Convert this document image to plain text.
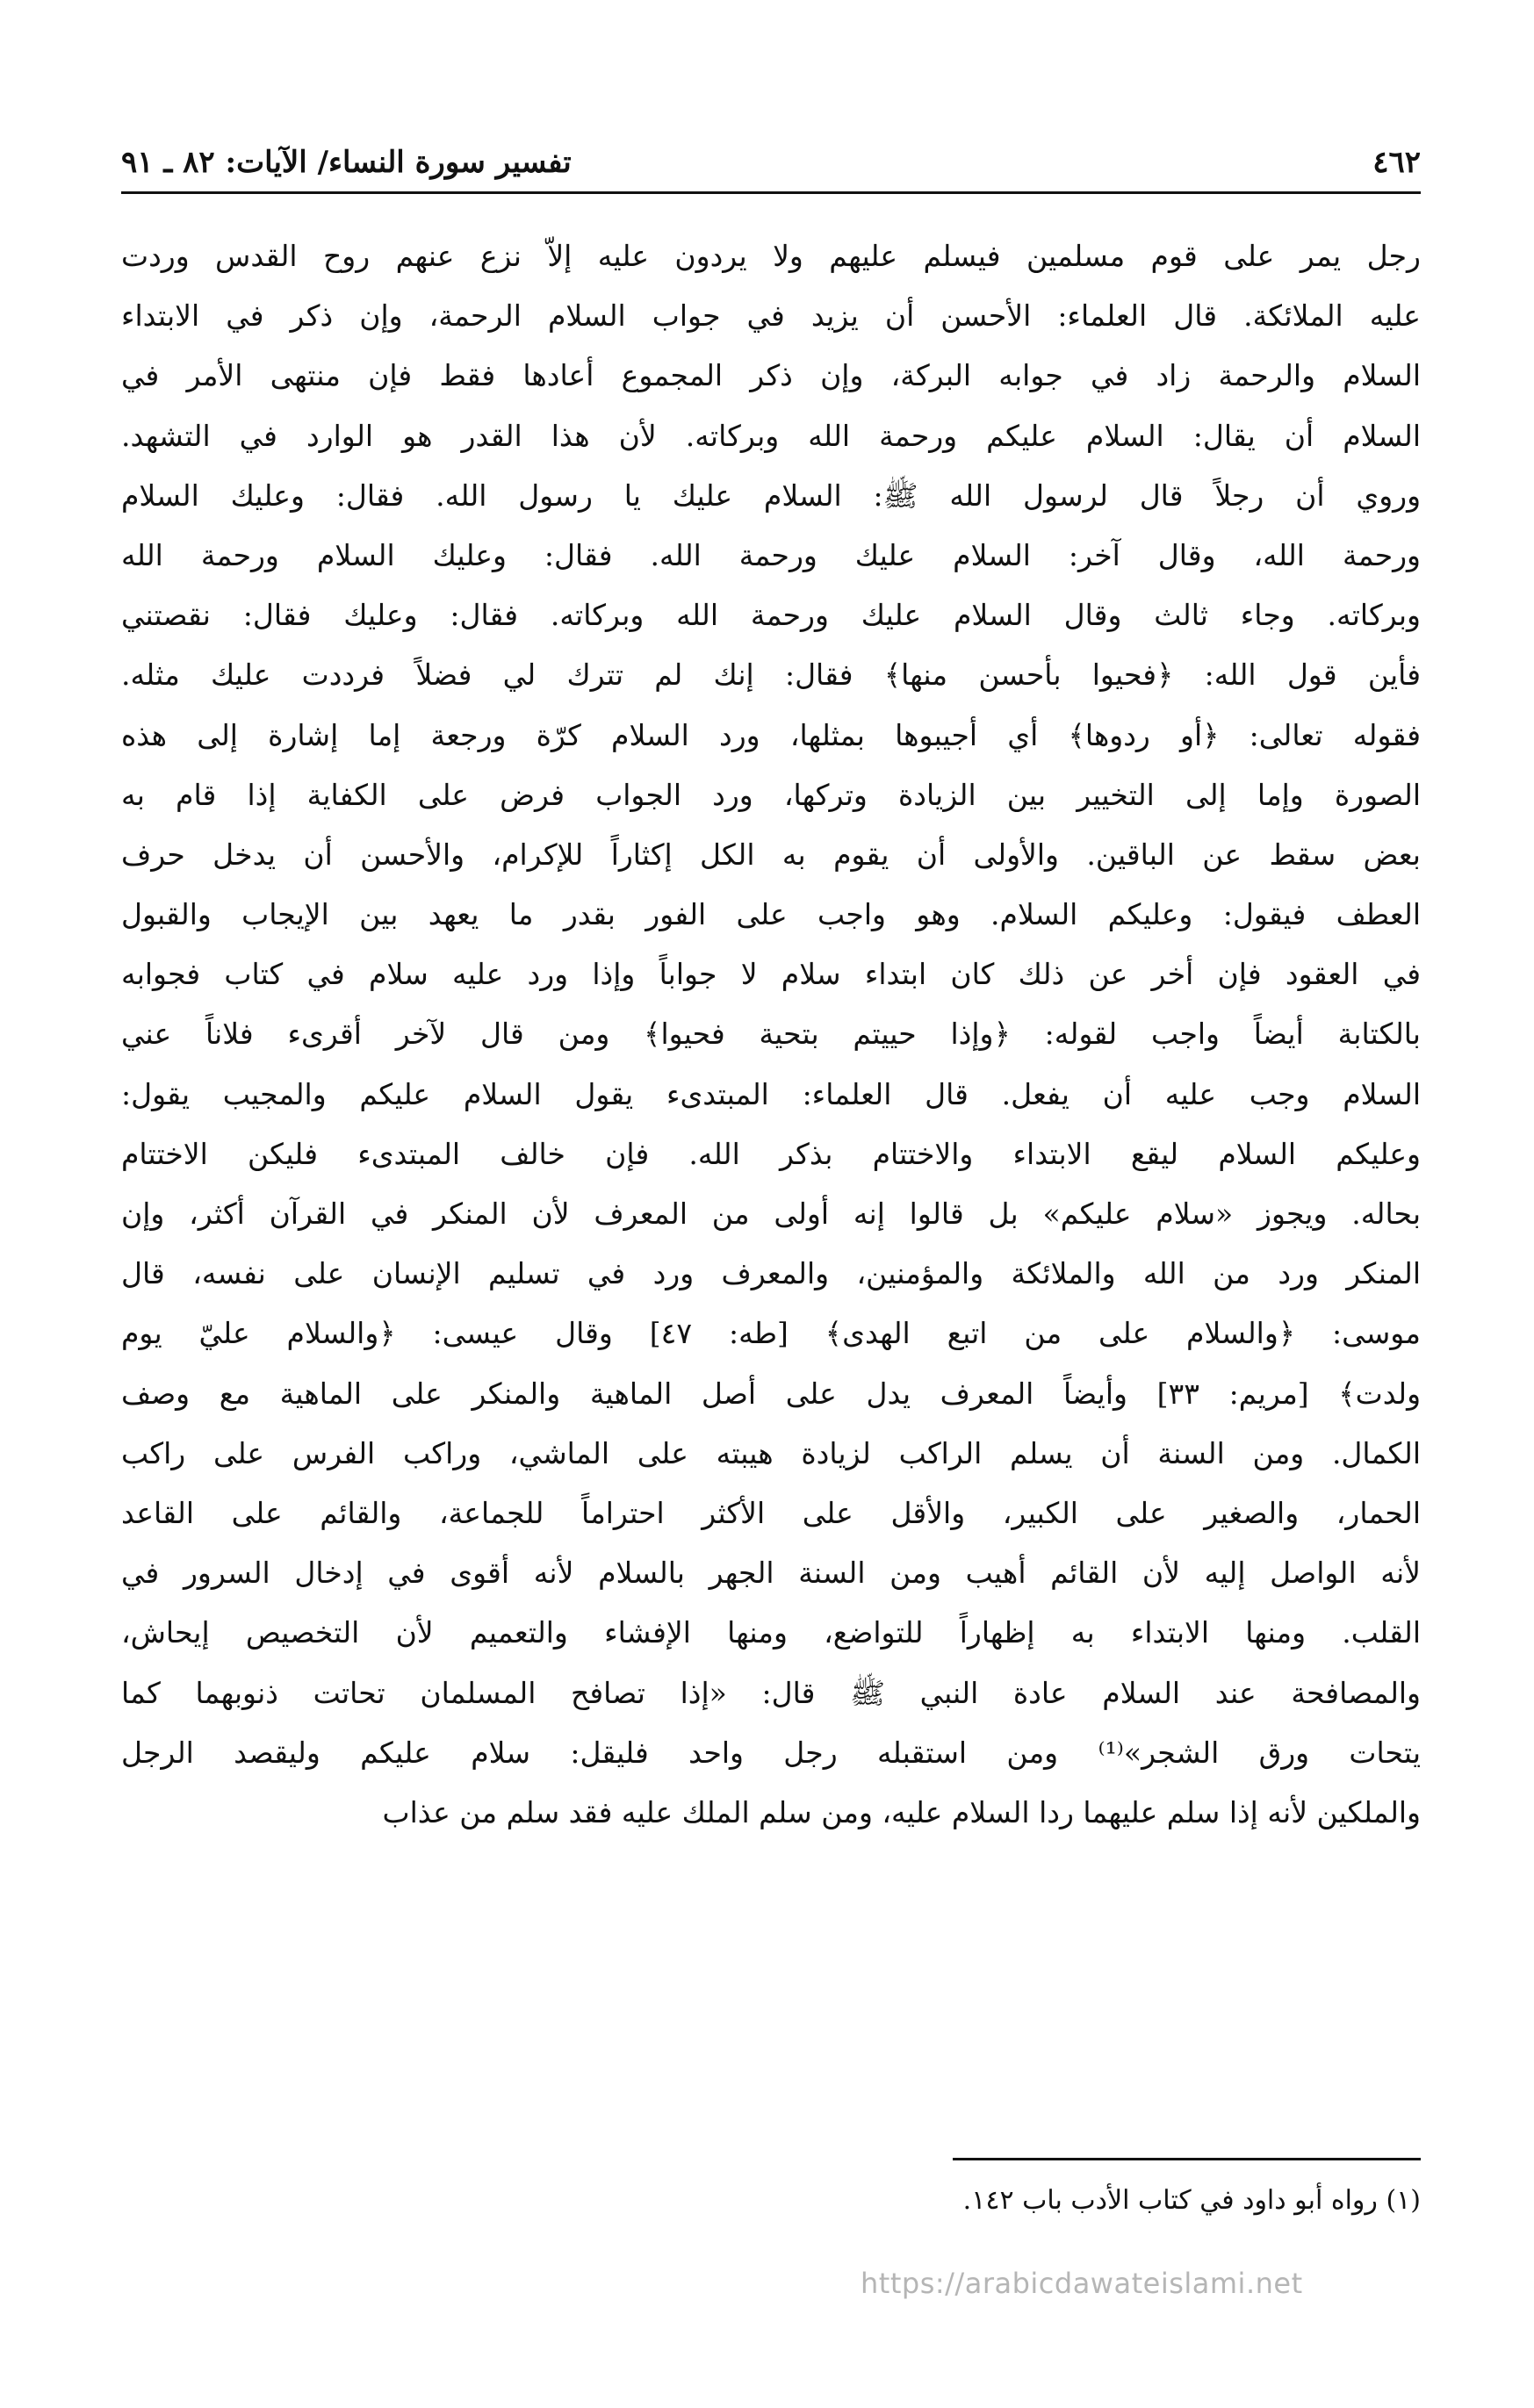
٤٦٢
تفسير سورة النساء/ الآيات: ٨٢ ـ ٩١
رجل يمر على قوم مسلمين فيسلم عليهم ولا يردون عليه إلاّ نزع عنهم روح القدس وردت
عليه الملائكة. قال العلماء: الأحسن أن يزيد في جواب السلام الرحمة، وإن ذكر في الابتداء
السلام والرحمة زاد في جوابه البركة، وإن ذكر المجموع أعادها فقط فإن منتهى الأمر في
السلام أن يقال: السلام عليكم ورحمة الله وبركاته. لأن هذا القدر هو الوارد في التشهد.
وروي أن رجلاً قال لرسول الله ﷺ: السلام عليك يا رسول الله. فقال: وعليك السلام
ورحمة الله، وقال آخر: السلام عليك ورحمة الله. فقال: وعليك السلام ورحمة الله
وبركاته. وجاء ثالث وقال السلام عليك ورحمة الله وبركاته. فقال: وعليك فقال: نقصتني
فأين قول الله: ﴿فحيوا بأحسن منها﴾ فقال: إنك لم تترك لي فضلاً فرددت عليك مثله.
فقوله تعالى: ﴿أو ردوها﴾ أي أجيبوها بمثلها، ورد السلام كرّة ورجعة إما إشارة إلى هذه
الصورة وإما إلى التخيير بين الزيادة وتركها، ورد الجواب فرض على الكفاية إذا قام به
بعض سقط عن الباقين. والأولى أن يقوم به الكل إكثاراً للإكرام، والأحسن أن يدخل حرف
العطف فيقول: وعليكم السلام. وهو واجب على الفور بقدر ما يعهد بين الإيجاب والقبول
في العقود فإن أخر عن ذلك كان ابتداء سلام لا جواباً وإذا ورد عليه سلام في كتاب فجوابه
بالكتابة أيضاً واجب لقوله: ﴿وإذا حييتم بتحية فحيوا﴾ ومن قال لآخر أقرىء فلاناً عني
السلام وجب عليه أن يفعل. قال العلماء: المبتدىء يقول السلام عليكم والمجيب يقول:
وعليكم السلام ليقع الابتداء والاختتام بذكر الله. فإن خالف المبتدىء فليكن الاختتام
بحاله. ويجوز «سلام عليكم» بل قالوا إنه أولى من المعرف لأن المنكر في القرآن أكثر، وإن
المنكر ورد من الله والملائكة والمؤمنين، والمعرف ورد في تسليم الإنسان على نفسه، قال
موسى: ﴿والسلام على من اتبع الهدى﴾ [طه: ٤٧] وقال عيسى: ﴿والسلام عليّ يوم
ولدت﴾ [مريم: ٣٣] وأيضاً المعرف يدل على أصل الماهية والمنكر على الماهية مع وصف
الكمال. ومن السنة أن يسلم الراكب لزيادة هيبته على الماشي، وراكب الفرس على راكب
الحمار، والصغير على الكبير، والأقل على الأكثر احتراماً للجماعة، والقائم على القاعد
لأنه الواصل إليه لأن القائم أهيب ومن السنة الجهر بالسلام لأنه أقوى في إدخال السرور في
القلب. ومنها الابتداء به إظهاراً للتواضع، ومنها الإفشاء والتعميم لأن التخصيص إيحاش،
والمصافحة عند السلام عادة النبي ﷺ قال: «إذا تصافح المسلمان تحاتت ذنوبهما كما
يتحات ورق الشجر»⁽¹⁾ ومن استقبله رجل واحد فليقل: سلام عليكم وليقصد الرجل
والملكين لأنه إذا سلم عليهما ردا السلام عليه، ومن سلم الملك عليه فقد سلم من عذاب
(١) رواه أبو داود في كتاب الأدب باب ١٤٢.
https://arabicdawateislami.net
